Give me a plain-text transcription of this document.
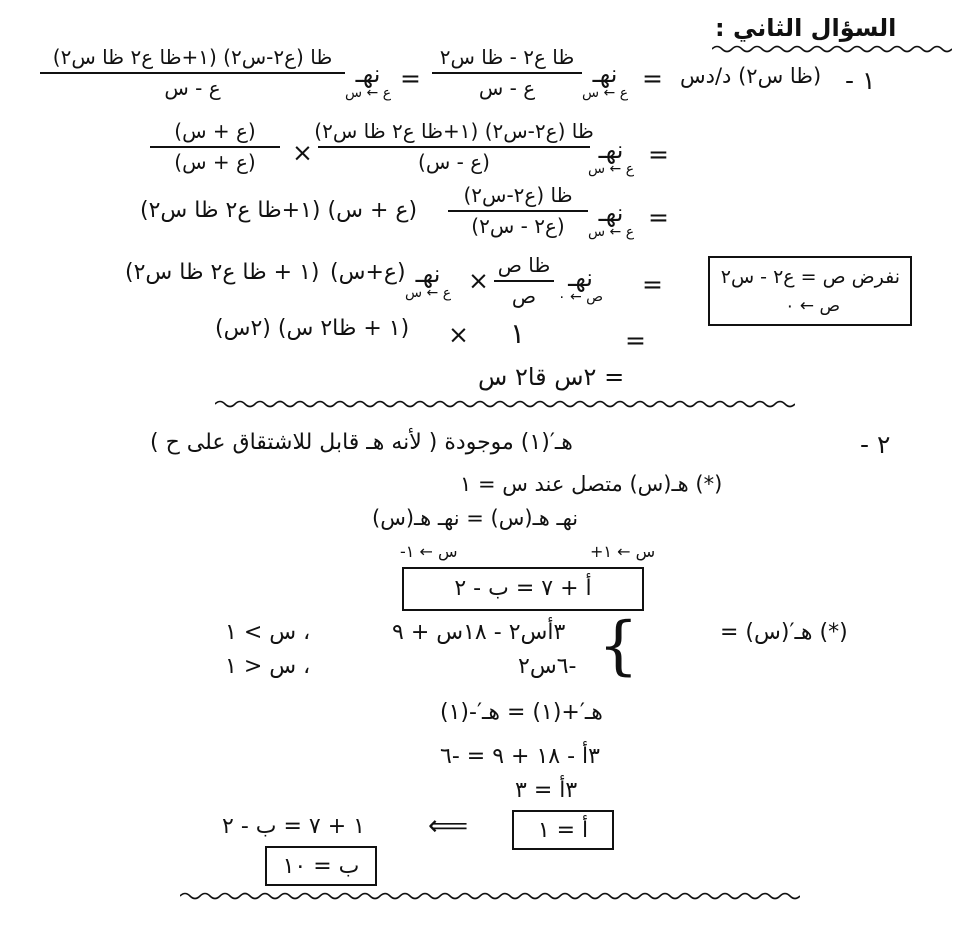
السؤال الثاني :
١ -
(ظا س٢) د/دس
=
نهـ
ع ← س
ظا ع٢ - ظا س٢
ع - س
=
نهـ
ع ← س
ظا (ع٢-س٢) (١+ظا ع٢ ظا س٢)
ع - س
=
نهـ
ع ← س
ظا (ع٢-س٢) (١+ظا ع٢ ظا س٢)
(ع - س)
×
(ع + س)
(ع + س)
=
نهـ
ع ← س
ظا (ع٢-س٢)
(ع٢ - س٢)
(١+ظا ع٢ ظا س٢) (ع + س)
نفرض ص = ع٢ - س٢
ص ← ٠
=
نهـ
ص ← ٠
ظا ص
ص
×
نهـ
ع ← س
(ع+س)
(١ + ظا ع٢ ظا س٢)
=
١
×
(٢س) (١ + ظا٢ س)
= ٢س قا٢ س
٢ -
هـ′(١) موجودة ( لأنه هـ قابل للاشتقاق على ح )
(*) هـ(س) متصل عند س = ١
نهـ هـ(س) = نهـ هـ(س)
س ← ١-	س ← ١+
أ + ٧ = ب - ٢
(*) هـ′(س) =
{
٣أس٢ - ١٨س + ٩
، س > ١
-٦س٢
، س < ١
هـ′+(١) = هـ′-(١)
٣أ - ١٨ + ٩ = -٦
٣أ = ٣
أ = ١
⟸
١ + ٧ = ب - ٢
ب = ١٠
